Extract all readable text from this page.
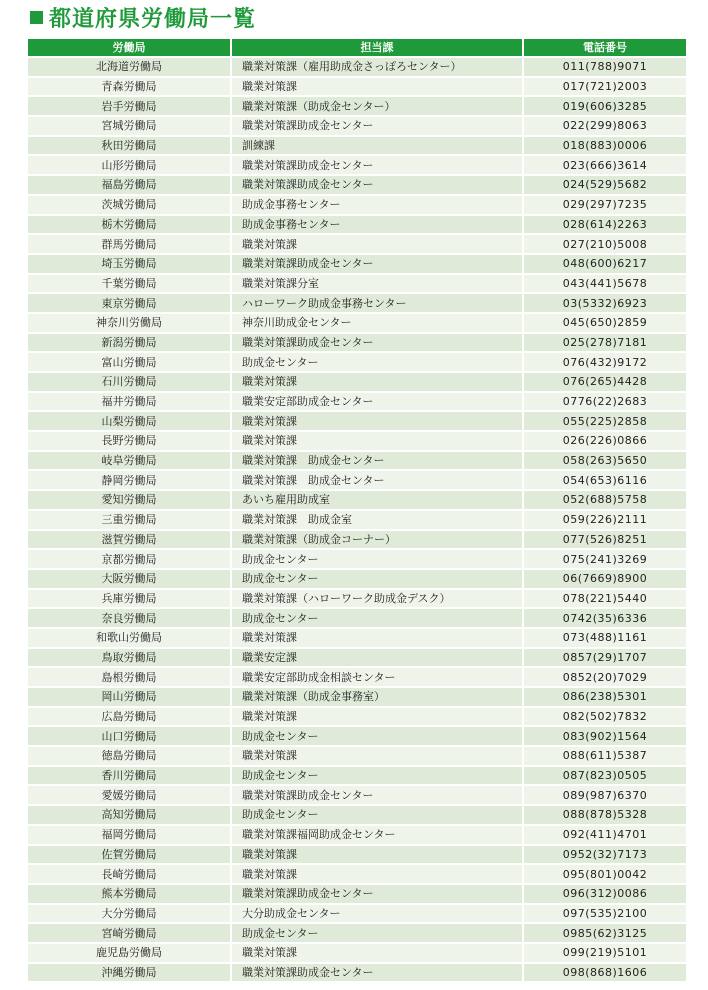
都道府県労働局一覧
労働局	担当課	電話番号
北海道労働局	職業対策課（雇用助成金さっぽろセンター）	011(788)9071
青森労働局	職業対策課	017(721)2003
岩手労働局	職業対策課（助成金センター）	019(606)3285
宮城労働局	職業対策課助成金センター	022(299)8063
秋田労働局	訓練課	018(883)0006
山形労働局	職業対策課助成金センター	023(666)3614
福島労働局	職業対策課助成金センター	024(529)5682
茨城労働局	助成金事務センター	029(297)7235
栃木労働局	助成金事務センター	028(614)2263
群馬労働局	職業対策課	027(210)5008
埼玉労働局	職業対策課助成金センター	048(600)6217
千葉労働局	職業対策課分室	043(441)5678
東京労働局	ハローワーク助成金事務センター	03(5332)6923
神奈川労働局	神奈川助成金センター	045(650)2859
新潟労働局	職業対策課助成金センター	025(278)7181
富山労働局	助成金センター	076(432)9172
石川労働局	職業対策課	076(265)4428
福井労働局	職業安定部助成金センター	0776(22)2683
山梨労働局	職業対策課	055(225)2858
長野労働局	職業対策課	026(226)0866
岐阜労働局	職業対策課　助成金センター	058(263)5650
静岡労働局	職業対策課　助成金センター	054(653)6116
愛知労働局	あいち雇用助成室	052(688)5758
三重労働局	職業対策課　助成金室	059(226)2111
滋賀労働局	職業対策課（助成金コーナー）	077(526)8251
京都労働局	助成金センター	075(241)3269
大阪労働局	助成金センター	06(7669)8900
兵庫労働局	職業対策課（ハローワーク助成金デスク）	078(221)5440
奈良労働局	助成金センター	0742(35)6336
和歌山労働局	職業対策課	073(488)1161
鳥取労働局	職業安定課	0857(29)1707
島根労働局	職業安定部助成金相談センター	0852(20)7029
岡山労働局	職業対策課（助成金事務室）	086(238)5301
広島労働局	職業対策課	082(502)7832
山口労働局	助成金センター	083(902)1564
徳島労働局	職業対策課	088(611)5387
香川労働局	助成金センター	087(823)0505
愛媛労働局	職業対策課助成金センター	089(987)6370
高知労働局	助成金センター	088(878)5328
福岡労働局	職業対策課福岡助成金センター	092(411)4701
佐賀労働局	職業対策課	0952(32)7173
長崎労働局	職業対策課	095(801)0042
熊本労働局	職業対策課助成金センター	096(312)0086
大分労働局	大分助成金センター	097(535)2100
宮崎労働局	助成金センター	0985(62)3125
鹿児島労働局	職業対策課	099(219)5101
沖縄労働局	職業対策課助成金センター	098(868)1606
